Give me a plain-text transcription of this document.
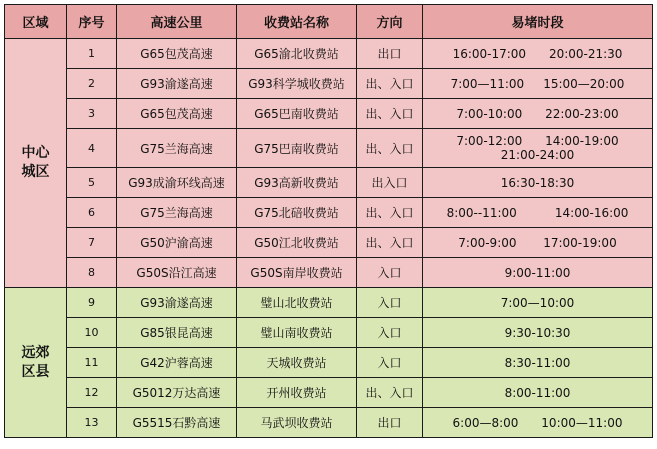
区域	序号	高速公里	收费站名称	方向	易堵时段

中心
城区	1	G65包茂高速	G65渝北收费站	出口	16:00-17:00      20:00-21:30

	2	G93渝遂高速	G93科学城收费站	出、入口	7:00—11:00     15:00—20:00

	3	G65包茂高速	G65巴南收费站	出、入口	7:00-10:00      22:00-23:00

	4	G75兰海高速	G75巴南收费站	出、入口	7:00-12:00      14:00-19:00
21:00-24:00

	5	G93成渝环线高速	G93高新收费站	出入口	16:30-18:30

	6	G75兰海高速	G75北碚收费站	出、入口	8:00--11:00          14:00-16:00

	7	G50沪渝高速	G50江北收费站	出、入口	7:00-9:00       17:00-19:00

	8	G50S沿江高速	G50S南岸收费站	入口	9:00-11:00

远郊
区县	9	G93渝遂高速	璧山北收费站	入口	7:00—10:00

	10	G85银昆高速	璧山南收费站	入口	9:30-10:30

	11	G42沪蓉高速	天城收费站	入口	8:30-11:00

	12	G5012万达高速	开州收费站	出、入口	8:00-11:00

	13	G5515石黔高速	马武坝收费站	出口	6:00—8:00      10:00—11:00
